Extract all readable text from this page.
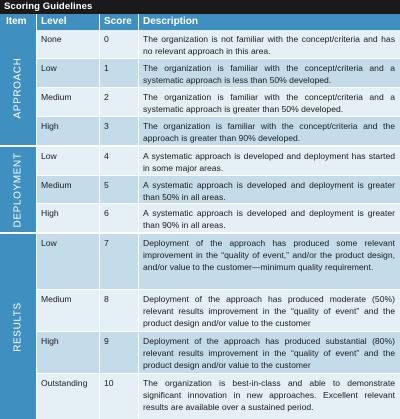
Scoring Guidelines
Item Level	Score Description
APPROACH
None	0	The organization is not familiar with the concept/criteria and has no relevant approach in this area.
Low	1	The organization is familiar with the concept/criteria and a systematic approach is less than 50% developed.
Medium	2	The organization is familiar with the concept/criteria and a systematic approach is greater than 50% developed.
High	3	The organization is familiar with the concept/criteria and the approach is greater than 90% developed.
DEPLOYMENT Low	4	A systematic approach is developed and deployment has started in some major areas.
Medium	5	A systematic approach is developed and deployment is greater than 50% in all areas.
High	6	A systematic approach is developed and deployment is greater than 90% in all areas.
RESULTS
Low	7	Deployment of the approach has produced some relevant improvement in the “quality of event,” and/or the product design, and/or value to the customer—minimum quality requirement.
Medium	8	Deployment of the approach has produced moderate (50%) relevant results improvement in the “quality of event” and the product design and/or value to the customer
High	9	Deployment of the approach has produced substantial (80%) relevant results improvement in the “quality of event” and the product design and/or value to the customer
Outstanding 10	The organization is best-in-class and able to demonstrate significant innovation in new approaches. Excellent relevant results are available over a sustained period.
